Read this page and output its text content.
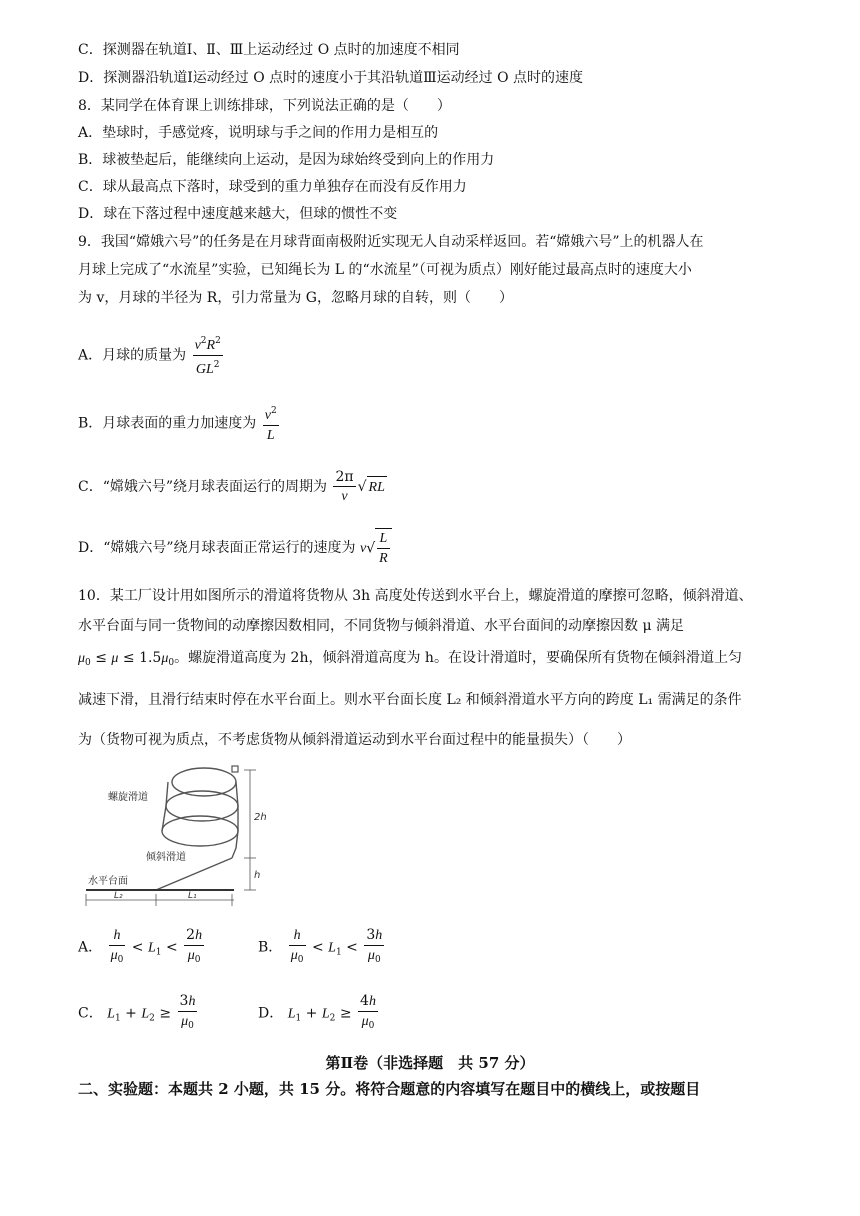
C．探测器在轨道Ⅰ、Ⅱ、Ⅲ上运动经过 O 点时的加速度不相同
D．探测器沿轨道Ⅰ运动经过 O 点时的速度小于其沿轨道Ⅲ运动经过 O 点时的速度
8．某同学在体育课上训练排球，下列说法正确的是（　　）
A．垫球时，手感觉疼，说明球与手之间的作用力是相互的
B．球被垫起后，能继续向上运动，是因为球始终受到向上的作用力
C．球从最高点下落时，球受到的重力单独存在而没有反作用力
D．球在下落过程中速度越来越大，但球的惯性不变
9．我国“嫦娥六号”的任务是在月球背面南极附近实现无人自动采样返回。若“嫦娥六号”上的机器人在
月球上完成了“水流星”实验，已知绳长为 L 的“水流星”（可视为质点）刚好能过最高点时的速度大小
为 v，月球的半径为 R，引力常量为 G，忽略月球的自转，则（　　）
A．月球的质量为 $\frac{v^2R^2}{GL^2}$
B．月球表面的重力加速度为 $\frac{v^2}{L}$
C．“嫦娥六号”绕月球表面运行的周期为 $\frac{2\pi}{v}$ √ RL
D．“嫦娥六号”绕月球表面正常运行的速度为 $v√ \frac{L}{R}$
10．某工厂设计用如图所示的滑道将货物从 3h 高度处传送到水平台上，螺旋滑道的摩擦可忽略，倾斜滑道、
水平台面与同一货物间的动摩擦因数相同，不同货物与倾斜滑道、水平台面间的动摩擦因数 μ 满足
$\mu_0 \le \mu \le 1.5\mu_0$。螺旋滑道高度为 2h，倾斜滑道高度为 h。在设计滑道时，要确保所有货物在倾斜滑道上匀
减速下滑，且滑行结束时停在水平台面上。则水平台面长度 L₂ 和倾斜滑道水平方向的跨度 L₁ 需满足的条件
为（货物可视为质点，不考虑货物从倾斜滑道运动到水平台面过程中的能量损失）（　　）
2h
h
L₂	L₁
螺旋滑道
倾斜滑道
水平台面
A． $\frac{h}{\mu_0} < L_1 < \frac{2h}{\mu_0}$	B． $\frac{h}{\mu_0} < L_1 < \frac{3h}{\mu_0}$
C． $L_1 + L_2 \ge \frac{3h}{\mu_0}$	D． $L_1 + L_2 \ge \frac{4h}{\mu_0}$
第Ⅱ卷（非选择题　共 57 分）
二、实验题：本题共 2 小题，共 15 分。将符合题意的内容填写在题目中的横线上，或按题目
